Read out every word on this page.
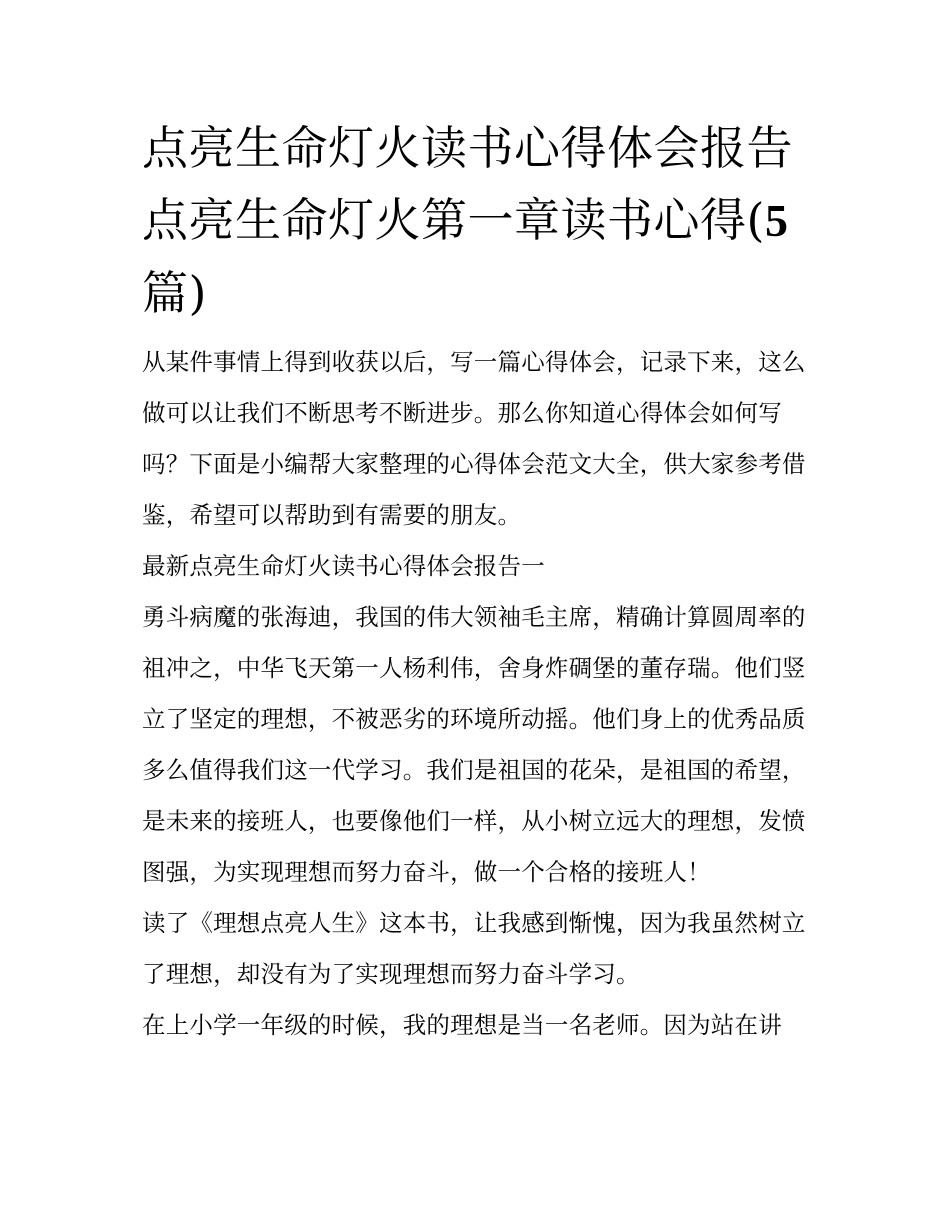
点亮生命灯火读书心得体会报告 点亮生命灯火第一章读书心得(5 篇)

从某件事情上得到收获以后，写一篇心得体会，记录下来，这么做可以让我们不断思考不断进步。那么你知道心得体会如何写吗？下面是小编帮大家整理的心得体会范文大全，供大家参考借鉴，希望可以帮助到有需要的朋友。

最新点亮生命灯火读书心得体会报告一

勇斗病魔的张海迪，我国的伟大领袖毛主席，精确计算圆周率的祖冲之，中华飞天第一人杨利伟，舍身炸碉堡的董存瑞。他们竖立了坚定的理想，不被恶劣的环境所动摇。他们身上的优秀品质多么值得我们这一代学习。我们是祖国的花朵，是祖国的希望，是未来的接班人，也要像他们一样，从小树立远大的理想，发愤图强，为实现理想而努力奋斗，做一个合格的接班人！

读了《理想点亮人生》这本书，让我感到惭愧，因为我虽然树立了理想，却没有为了实现理想而努力奋斗学习。

在上小学一年级的时候，我的理想是当一名老师。因为站在讲
